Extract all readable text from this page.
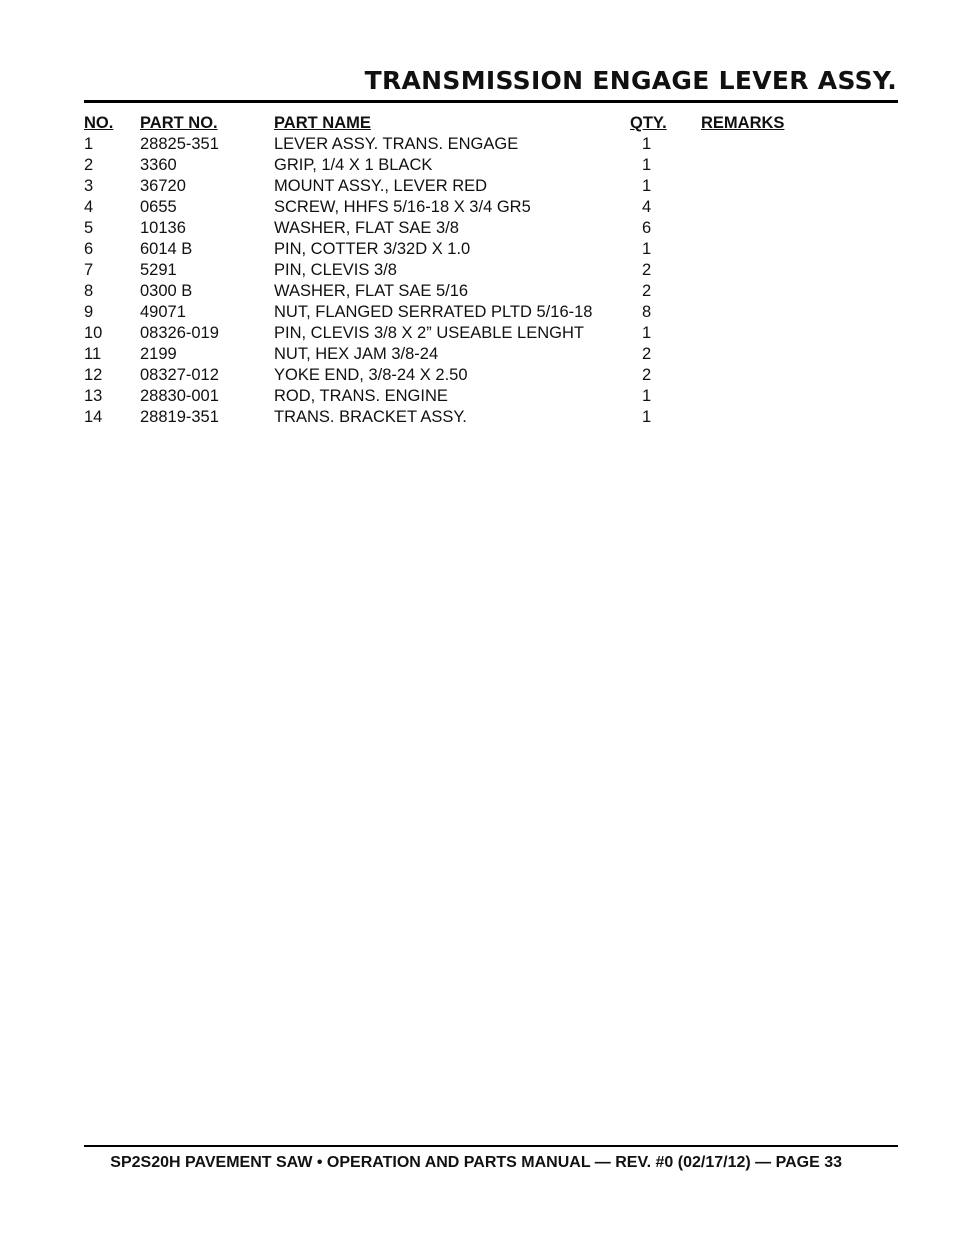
TRANSMISSION ENGAGE LEVER ASSY.
NO.	PART NO.	PART NAME	QTY.	REMARKS
1	28825-351	LEVER ASSY. TRANS. ENGAGE	1	
2	3360	GRIP, 1/4 X 1 BLACK	1	
3	36720	MOUNT ASSY., LEVER RED	1	
4	0655	SCREW, HHFS 5/16-18 X 3/4 GR5	4	
5	10136	WASHER, FLAT SAE 3/8	6	
6	6014 B	PIN, COTTER 3/32D X 1.0	1	
7	5291	PIN, CLEVIS 3/8	2	
8	0300 B	WASHER, FLAT SAE 5/16	2	
9	49071	NUT, FLANGED SERRATED PLTD 5/16-18	8	
10	08326-019	PIN, CLEVIS 3/8 X 2” USEABLE LENGHT	1	
11	2199	NUT, HEX JAM 3/8-24	2	
12	08327-012	YOKE END, 3/8-24 X 2.50	2	
13	28830-001	ROD, TRANS. ENGINE	1	
14	28819-351	TRANS. BRACKET ASSY.	1	
SP2S20H PAVEMENT SAW • OPERATION AND PARTS MANUAL — REV. #0 (02/17/12) — PAGE 33
